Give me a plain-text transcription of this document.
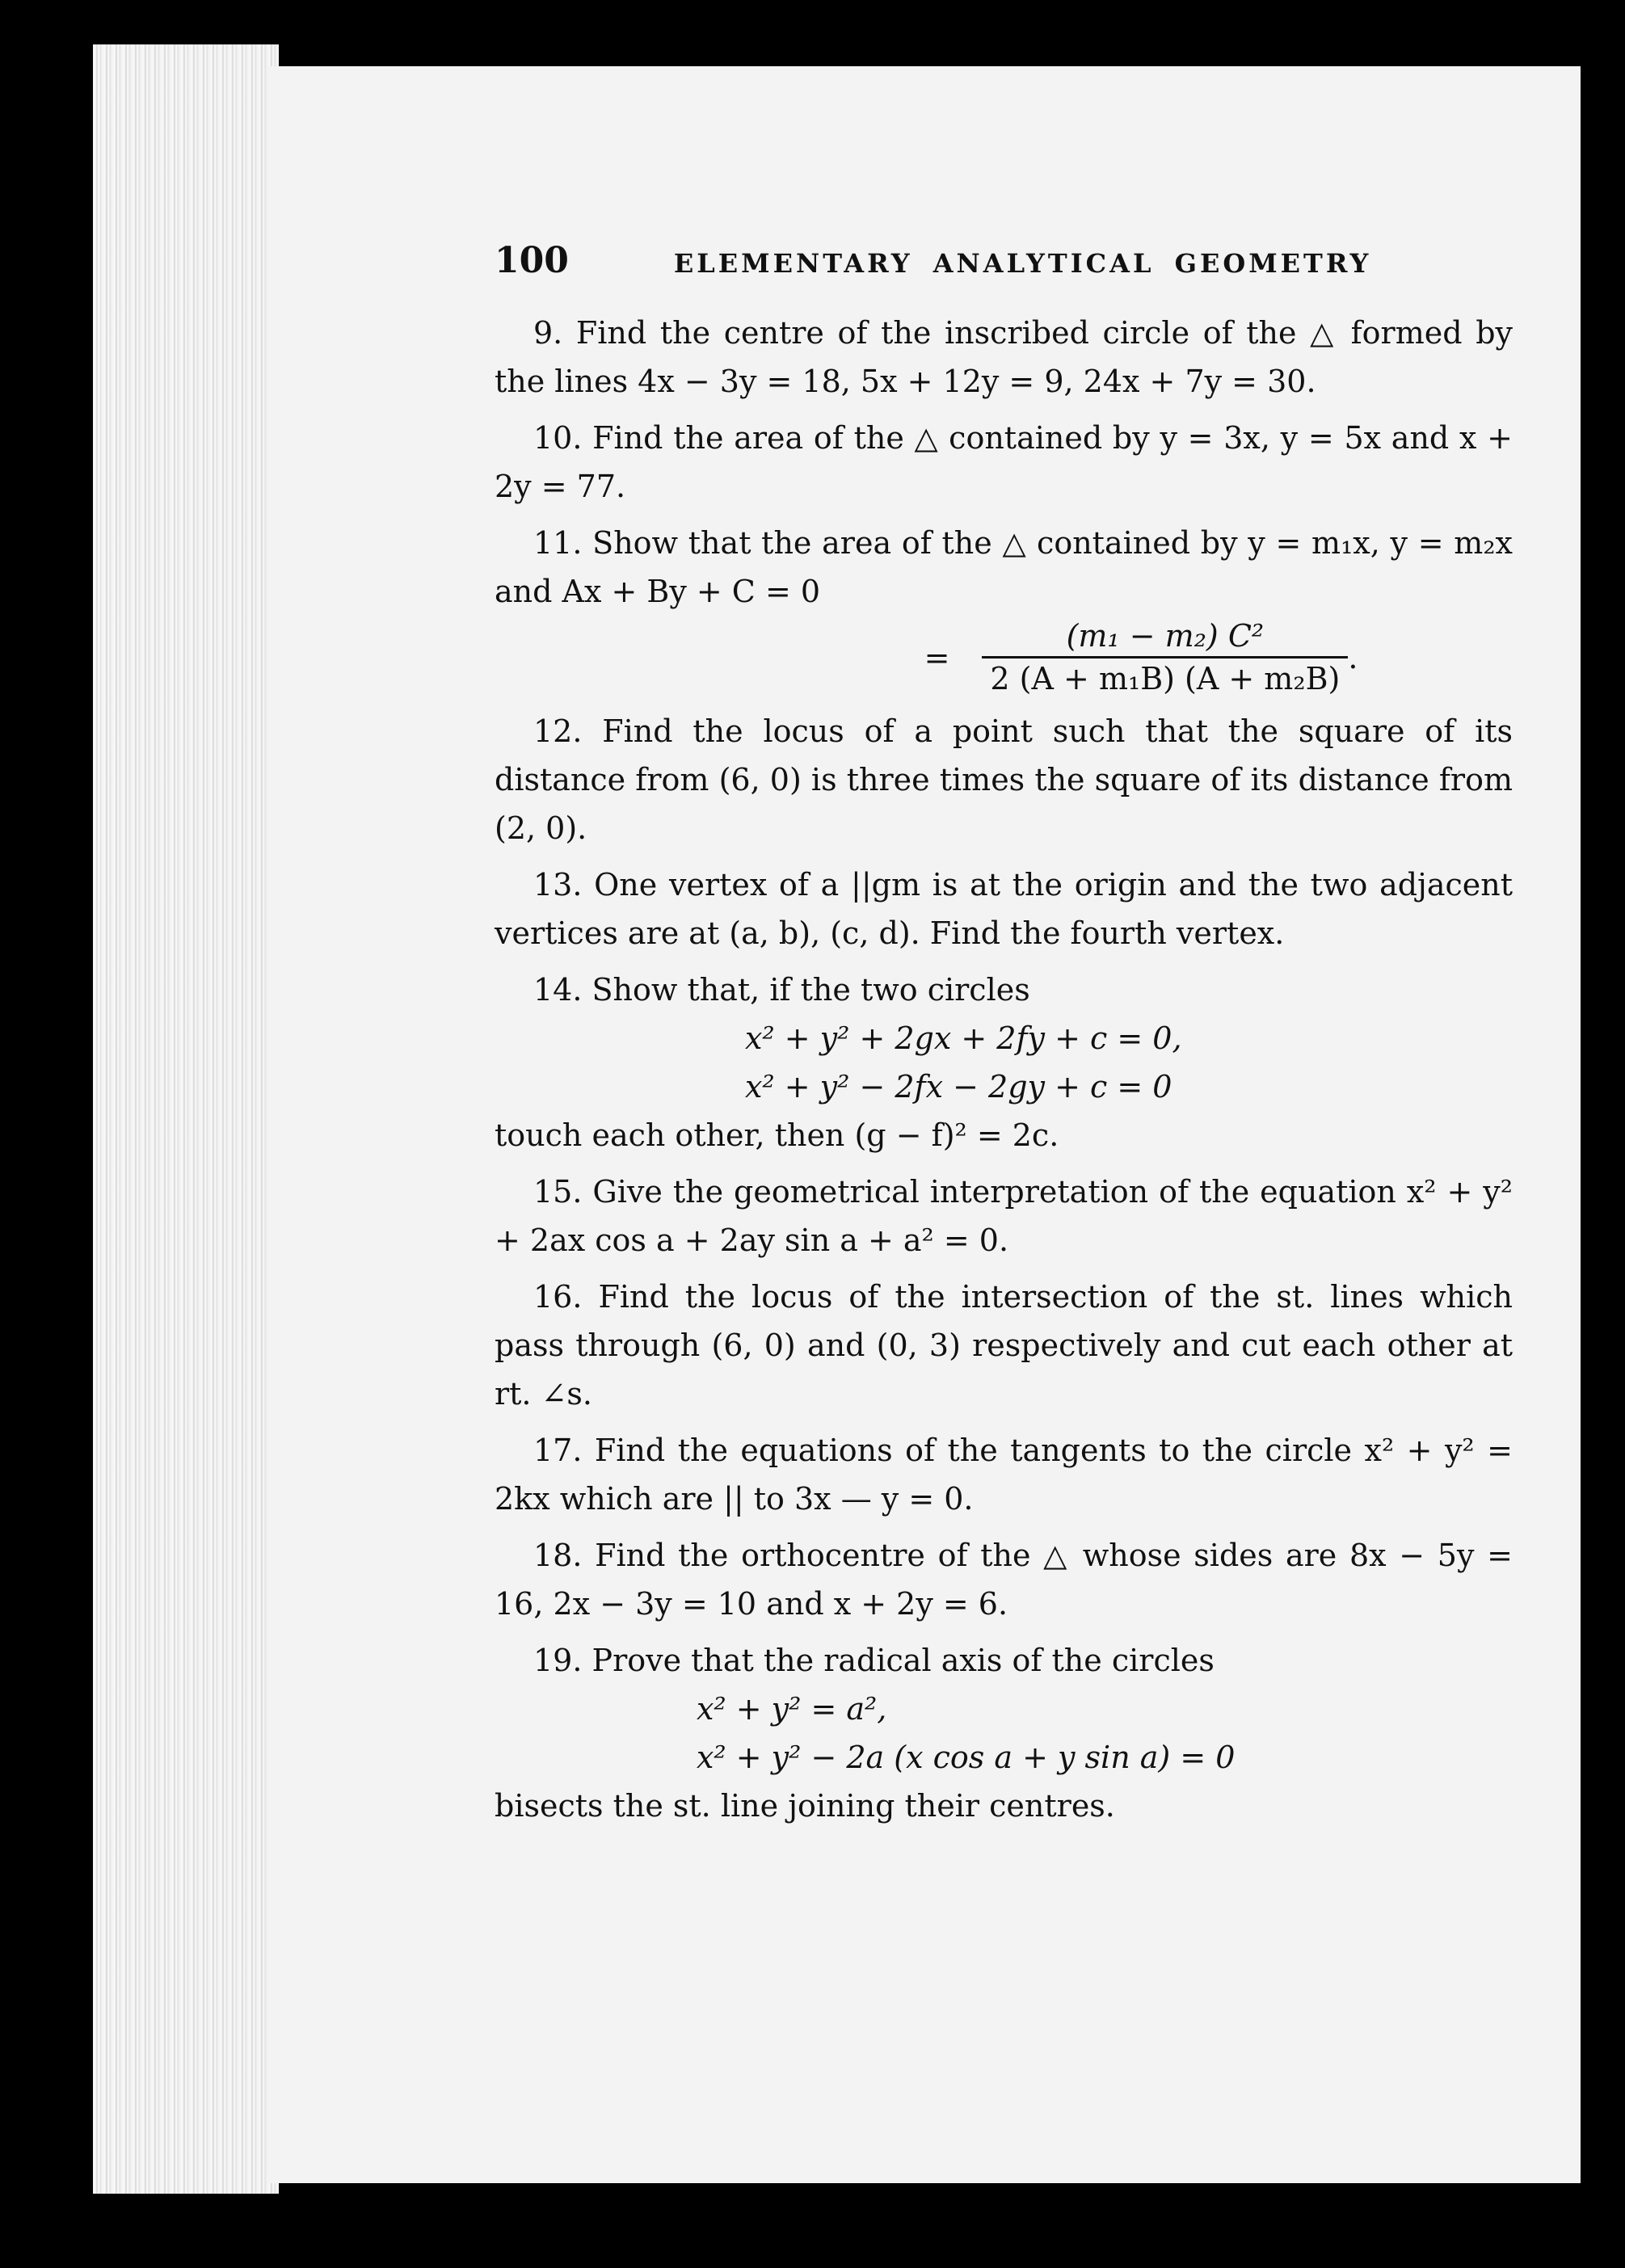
100	ELEMENTARY ANALYTICAL GEOMETRY
9. Find the centre of the inscribed circle of the △ formed by the lines 4x − 3y = 18, 5x + 12y = 9, 24x + 7y = 30.
10. Find the area of the △ contained by y = 3x, y = 5x and x + 2y = 77.
11. Show that the area of the △ contained by y = m₁x, y = m₂x and Ax + By + C = 0
= $\frac{\text{(m₁ − m₂) C²}}{\text{2 (A + m₁B) (A + m₂B)}}$ .
12. Find the locus of a point such that the square of its distance from (6, 0) is three times the square of its distance from (2, 0).
13. One vertex of a ||gm is at the origin and the two adjacent vertices are at (a, b), (c, d). Find the fourth vertex.
14. Show that, if the two circles
x² + y² + 2gx + 2fy + c = 0,
x² + y² − 2fx − 2gy + c = 0
touch each other, then (g − f)² = 2c.
15. Give the geometrical interpretation of the equation x² + y² + 2ax cos a + 2ay sin a + a² = 0.
16. Find the locus of the intersection of the st. lines which pass through (6, 0) and (0, 3) respectively and cut each other at rt. ∠s.
17. Find the equations of the tangents to the circle x² + y² = 2kx which are || to 3x — y = 0.
18. Find the orthocentre of the △ whose sides are 8x − 5y = 16, 2x − 3y = 10 and x + 2y = 6.
19. Prove that the radical axis of the circles
x² + y² = a²,
x² + y² − 2a (x cos a + y sin a) = 0
bisects the st. line joining their centres.
